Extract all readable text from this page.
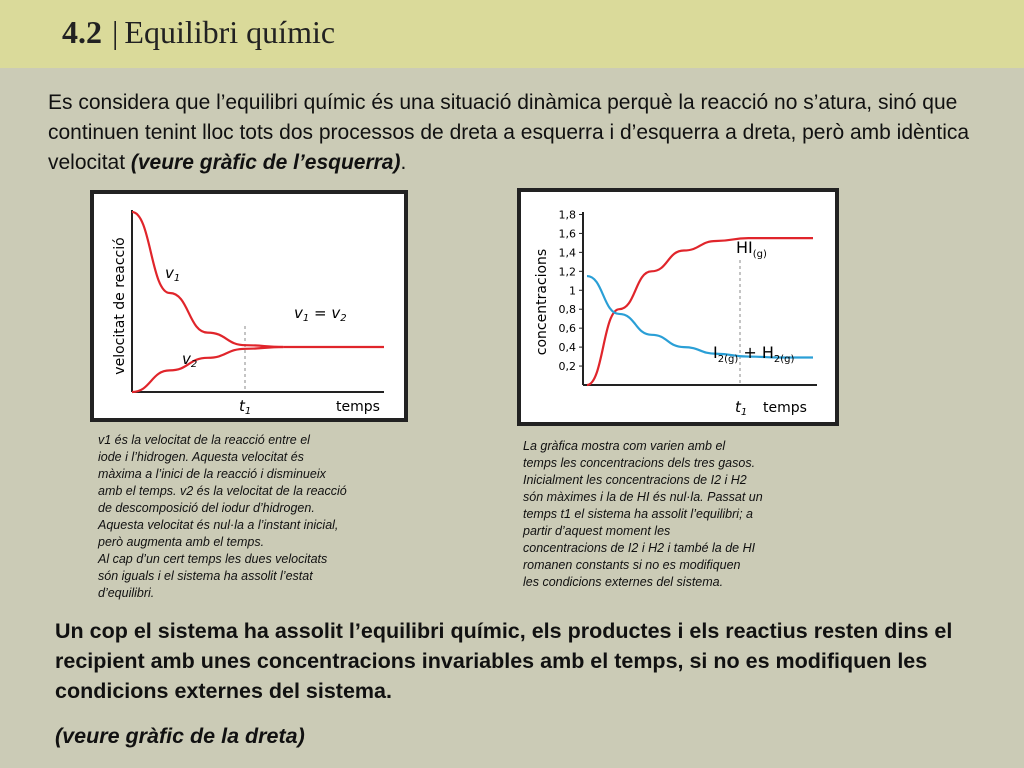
4.2 | Equilibri químic
Es considera que l’equilibri químic és una situació dinàmica perquè la reacció no s’atura, sinó que continuen tenint lloc tots dos processos de dreta a esquerra i d’esquerra a dreta, però amb idèntica velocitat (veure gràfic de l’esquerra).
velocitat de reacció
temps
$t_1$
$v_1$
$v_2$
$v_1 = v_2$	concentracions
temps
0,2
0,4
0,6
0,8
1
1,2
1,4
1,6
1,8
$t_1$
$HI_{(g)}$
$I_{2(g)} + H_{2(g)}$
v1 és la velocitat de la reacció entre el
iode i l’hidrogen. Aquesta velocitat és
màxima a l’inici de la reacció i disminueix
amb el temps. v2 és la velocitat de la reacció
de descomposició del iodur d’hidrogen.
Aquesta velocitat és nul·la a l’instant inicial,
però augmenta amb el temps.
Al cap d’un cert temps les dues velocitats
són iguals i el sistema ha assolit l’estat
d’equilibri.
La gràfica mostra com varien amb el
temps les concentracions dels tres gasos.
Inicialment les concentracions de I2 i H2
són màximes i la de HI és nul·la. Passat un
temps t1 el sistema ha assolit l’equilibri; a
partir d’aquest moment les
concentracions de I2 i H2 i també la de HI
romanen constants si no es modifiquen
les condicions externes del sistema.
Un cop el sistema ha assolit l’equilibri químic, els productes i els reactius resten dins el recipient amb unes concentracions invariables amb el temps, si no es modifiquen les condicions externes del sistema.
(veure gràfic de la dreta)
